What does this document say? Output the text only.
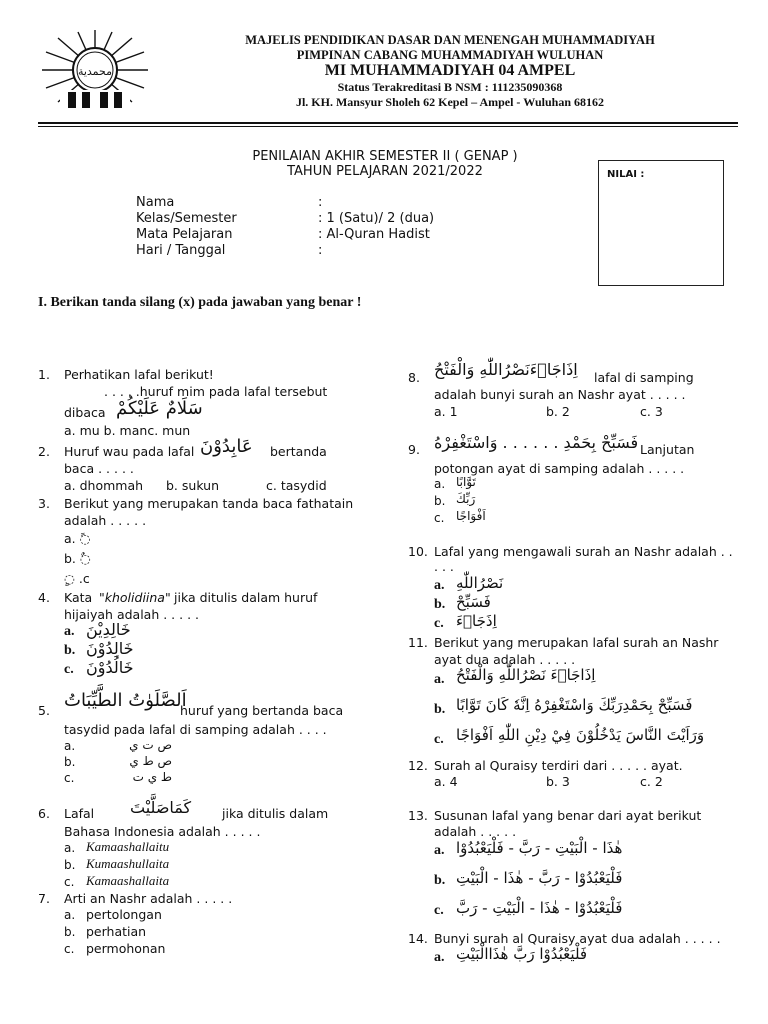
محمدية
MAJELIS PENDIDIKAN DASAR DAN MENENGAH MUHAMMADIYAH
PIMPINAN CABANG MUHAMMADIYAH WULUHAN
MI MUHAMMADIYAH 04 AMPEL
Status Terakreditasi B NSM : 111235090368
Jl. KH. Mansyur Sholeh 62 Kepel – Ampel - Wuluhan 68162
PENILAIAN AKHIR SEMESTER II ( GENAP )
TAHUN PELAJARAN 2021/2022	NILAI :
Nama	:
Kelas/Semester	: 1 (Satu)/ 2 (dua)
Mata Pelajaran	: Al-Quran Hadist
Hari / Tanggal	:
I. Berikan tanda silang (x) pada jawaban yang benar !
1. Perhatikan lafal berikut!
. . . . .huruf mim pada lafal tersebut
dibaca سَلَامٌ عَلَيْكُمْ
a. mu b. manc. mun
2. Huruf wau pada lafal عَابِدُوْنَ bertanda
baca . . . . .
a. dhommah b. sukun	c. tasydid
3. Berikut yang merupakan tanda baca fathatain
adalah . . . . .
a. ◌ً
b. ◌ٌ
◌ٍ .c
4. Kata "kholidiina" jika ditulis dalam huruf
hijaiyah adalah . . . . .
a. خَالِدِيْنَ
b. خَالِدُوْنَ
c. خَالُدُوْنَ
5. اَلصَّلَوٰتُ الطَّيِّبَاتُ
huruf yang bertanda baca
tasydid pada lafal di samping adalah . . . .
a.	ص ت ي
b.	ص ط ي
c.	ط ي ت
6. Lafal كَمَاصَلَّيْتَ jika ditulis dalam
Bahasa Indonesia adalah . . . . .
a. Kamaashallaitu
b. Kumaashullaita
c. Kamaashallaita
7. Arti an Nashr adalah . . . . .
a. pertolongan
b. perhatian
c. permohonan
8. اِذَاجَاۤءَنَصْرُاللّٰهِ وَالْفَتْحُ lafal di samping
adalah bunyi surah an Nashr ayat . . . . .
a. 1	b. 2	c. 3
9. فَسَبِّحْ بِحَمْدِ . . . . . . وَاسْتَغْفِرْهُ Lanjutan
potongan ayat di samping adalah . . . . .
a. تَوَّابًا
b. رَبِّكَ
c. اَفْوَاجًا
10. Lafal yang mengawali surah an Nashr adalah . .
. . .
a. نَصْرُاللّٰهِ
b. فَسَبِّحْ
c. اِذَجَاۤءَ
11. Berikut yang merupakan lafal surah an Nashr
ayat dua adalah . . . . .
a. اِذَاجَاۤءَ نَصْرُاللّٰهِ وَالْفَتْحُ
b. فَسَبِّحْ بِحَمْدِرَبِّكَ وَاسْتَغْفِرْهُ اِنَّهٗ كَانَ تَوَّابًا
c. وَرَاَيْتَ النَّاسَ يَدْخُلُوْنَ فِيْ دِيْنِ اللّٰهِ اَفْوَاجًا
12. Surah al Quraisy terdiri dari . . . . . ayat.
a. 4	b. 3	c. 2
13. Susunan lafal yang benar dari ayat berikut
adalah . . . . .
a. هٰذَا - الْبَيْتِ - رَبَّ - فَلْيَعْبُدُوْا
b. فَلْيَعْبُدُوْا - رَبَّ - هٰذَا - الْبَيْتِ
c. فَلْيَعْبُدُوْا - هٰذَا - الْبَيْتِ - رَبَّ
14. Bunyi surah al Quraisy ayat dua adalah . . . . .
a. فَلْيَعْبُدُوْا رَبَّ هٰذَاالْبَيْتِ
